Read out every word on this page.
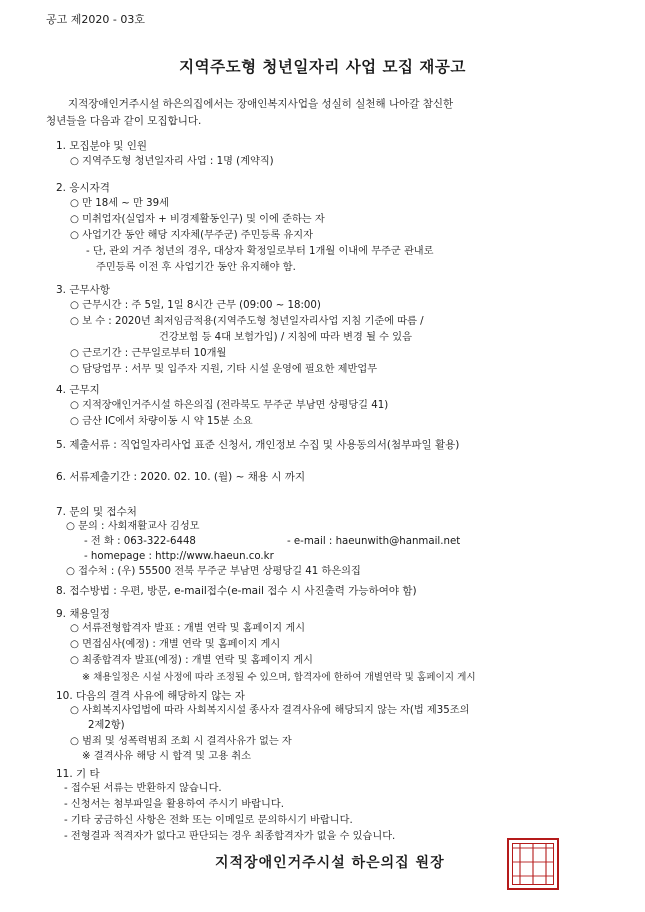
공고 제2020 - 03호
지역주도형 청년일자리 사업 모집 재공고
지적장애인거주시설 하은의집에서는 장애인복지사업을 성실히 실천해 나아갈 참신한
청년들을 다음과 같이 모집합니다.
1. 모집분야 및 인원
○ 지역주도형 청년일자리 사업 : 1명 (계약직)
2. 응시자격
○ 만 18세 ~ 만 39세
○ 미취업자(실업자 + 비경제활동인구) 및 이에 준하는 자
○ 사업기간 동안 해당 지자체(무주군) 주민등록 유지자
- 단, 관외 거주 청년의 경우, 대상자 확정일로부터 1개월 이내에 무주군 관내로
주민등록 이전 후 사업기간 동안 유지해야 함.
3. 근무사항
○ 근무시간 : 주 5일, 1일 8시간 근무 (09:00 ~ 18:00)
○ 보 수 : 2020년 최저임금적용(지역주도형 청년일자리사업 지침 기준에 따름 /
건강보험 등 4대 보험가입) / 지침에 따라 변경 될 수 있음
○ 근로기간 : 근무일로부터 10개월
○ 담당업무 : 서무 및 입주자 지원, 기타 시설 운영에 필요한 제반업무
4. 근무지
○ 지적장애인거주시설 하은의집 (전라북도 무주군 부남면 상평당길 41)
○ 금산 IC에서 차량이동 시 약 15분 소요
5. 제출서류 : 직업일자리사업 표준 신청서, 개인정보 수집 및 사용동의서(첨부파일 활용)
6. 서류제출기간 : 2020. 02. 10. (월) ~ 채용 시 까지
7. 문의 및 접수처
○ 문의 : 사회재활교사 김성모
- 전 화 : 063-322-6448	- e-mail : haeunwith@hanmail.net
- homepage : http://www.haeun.co.kr
○ 접수처 : (우) 55500 전북 무주군 부남면 상평당길 41 하은의집
8. 접수방법 : 우편, 방문, e-mail접수(e-mail 접수 시 사진출력 가능하여야 함)
9. 채용일정
○ 서류전형합격자 발표 : 개별 연락 및 홈페이지 게시
○ 면접심사(예정) : 개별 연락 및 홈페이지 게시
○ 최종합격자 발표(예정) : 개별 연락 및 홈페이지 게시
※ 채용일정은 시설 사정에 따라 조정될 수 있으며, 합격자에 한하여 개별연락 및 홈페이지 게시
10. 다음의 결격 사유에 해당하지 않는 자
○ 사회복지사업법에 따라 사회복지시설 종사자 결격사유에 해당되지 않는 자(법 제35조의
2제2항)
○ 범죄 및 성폭력범죄 조회 시 결격사유가 없는 자
※ 결격사유 해당 시 합격 및 고용 취소
11. 기 타
- 접수된 서류는 반환하지 않습니다.
- 신청서는 첨부파일을 활용하여 주시기 바랍니다.
- 기타 궁금하신 사항은 전화 또는 이메일로 문의하시기 바랍니다.
- 전형결과 적격자가 없다고 판단되는 경우 최종합격자가 없을 수 있습니다.
지적장애인거주시설 하은의집 원장
